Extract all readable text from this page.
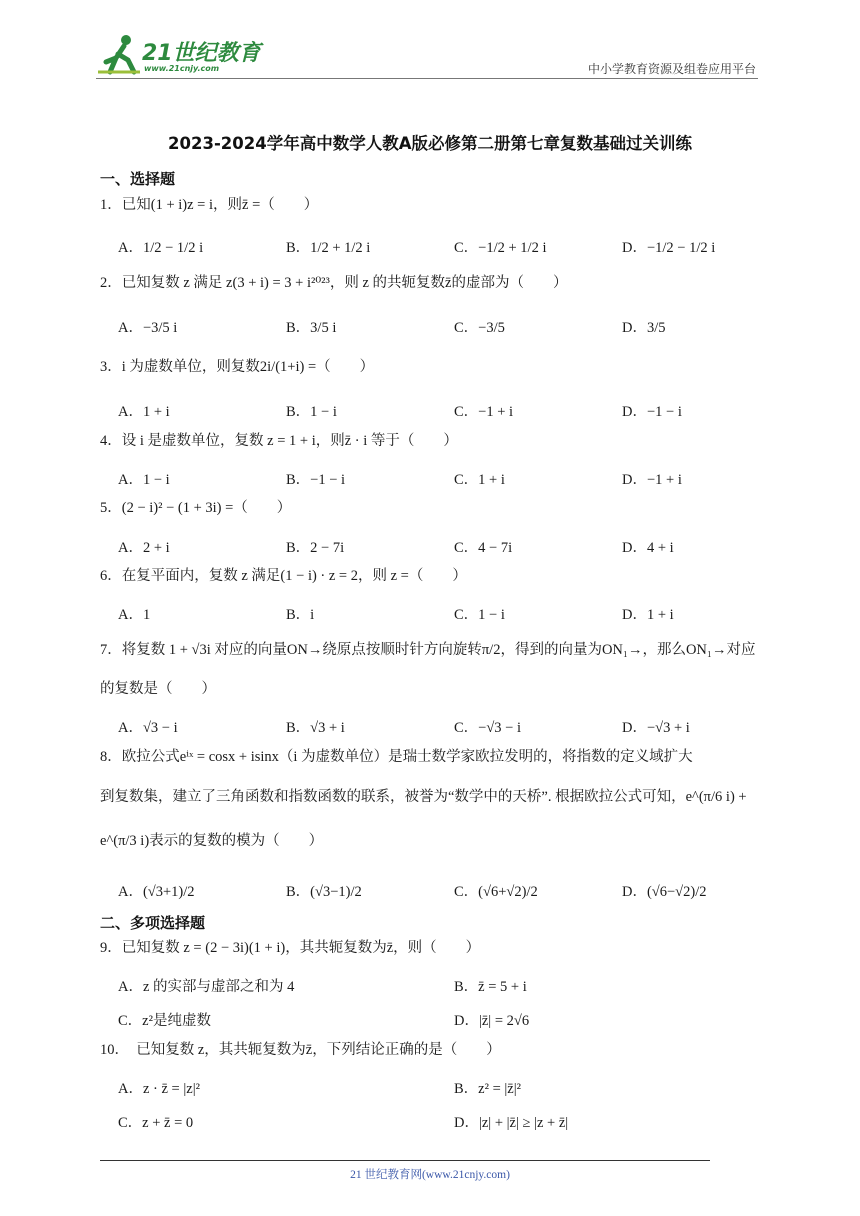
21世纪教育
www.21cnjy.com	中小学教育资源及组卷应用平台
2023-2024学年高中数学人教A版必修第二册第七章复数基础过关训练
一、选择题
1．已知(1 + i)z = i，则z̄ =（　　）
A．1/2 − 1/2 i	B．1/2 + 1/2 i	C．−1/2 + 1/2 i	D．−1/2 − 1/2 i
2．已知复数 z 满足 z(3 + i) = 3 + i²⁰²³，则 z 的共轭复数z̄的虚部为（　　）
A．−3/5 i	B．3/5 i	C．−3/5	D．3/5
3．i 为虚数单位，则复数2i/(1+i) =（　　）
A．1 + i	B．1 − i	C．−1 + i	D．−1 − i
4．设 i 是虚数单位，复数 z = 1 + i，则z̄ · i 等于（　　）
A．1 − i	B．−1 − i	C．1 + i	D．−1 + i
5．(2 − i)² − (1 + 3i) =（　　）
A．2 + i	B．2 − 7i	C．4 − 7i	D．4 + i
6．在复平面内，复数 z 满足(1 − i) · z = 2，则 z =（　　）
A．1	B．i	C．1 − i	D．1 + i
7．将复数 1 + √3i 对应的向量ON→绕原点按顺时针方向旋转π/2，得到的向量为ON₁→，那么ON₁→对应
的复数是（　　）
A．√3 − i	B．√3 + i	C．−√3 − i	D．−√3 + i
8．欧拉公式eⁱˣ = cosx + isinx（i 为虚数单位）是瑞士数学家欧拉发明的，将指数的定义域扩大
到复数集，建立了三角函数和指数函数的联系，被誉为“数学中的天桥”. 根据欧拉公式可知，e^(π/6 i) +
e^(π/3 i)表示的复数的模为（　　）
A．(√3+1)/2	B．(√3−1)/2	C．(√6+√2)/2	D．(√6−√2)/2
二、多项选择题
9．已知复数 z = (2 − 3i)(1 + i)，其共轭复数为z̄，则（　　）
A．z 的实部与虚部之和为 4	B．z̄ = 5 + i
C．z²是纯虚数	D．|z̄| = 2√6
10．　已知复数 z，其共轭复数为z̄，下列结论正确的是（　　）
A．z · z̄ = |z|²	B．z² = |z̄|²
C．z + z̄ = 0	D．|z| + |z̄| ≥ |z + z̄|
21 世纪教育网(www.21cnjy.com)
